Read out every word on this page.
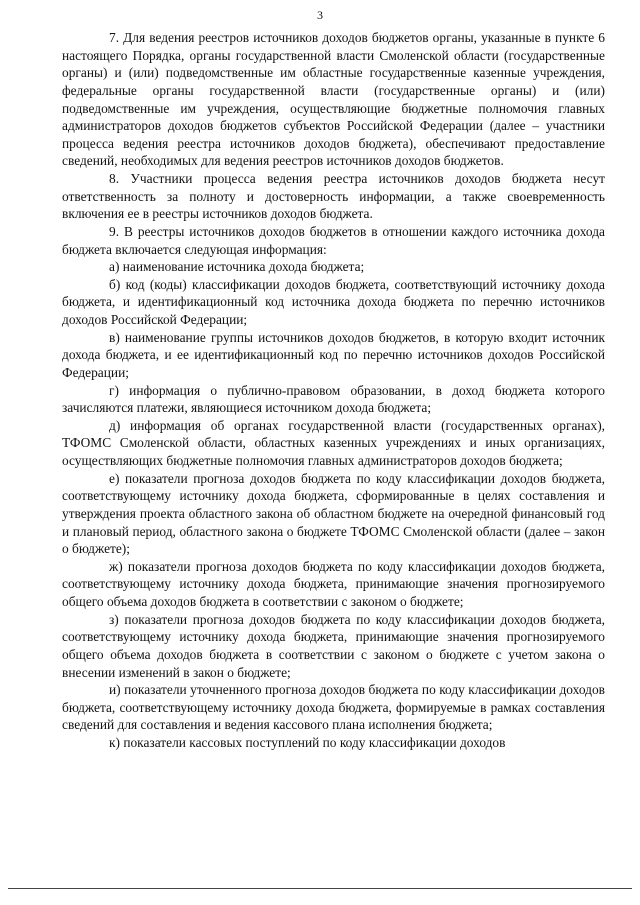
3

7. Для ведения реестров источников доходов бюджетов органы, указанные в пункте 6 настоящего Порядка, органы государственной власти Смоленской области (государственные органы) и (или) подведомственные им областные государственные казенные учреждения, федеральные органы государственной власти (государственные органы) и (или) подведомственные им учреждения, осуществляющие бюджетные полномочия главных администраторов доходов бюджетов субъектов Российской Федерации (далее – участники процесса ведения реестра источников доходов бюджета), обеспечивают предоставление сведений, необходимых для ведения реестров источников доходов бюджетов.

8. Участники процесса ведения реестра источников доходов бюджета несут ответственность за полноту и достоверность информации, а также своевременность включения ее в реестры источников доходов бюджета.

9. В реестры источников доходов бюджетов в отношении каждого источника дохода бюджета включается следующая информация:

а) наименование источника дохода бюджета;

б) код (коды) классификации доходов бюджета, соответствующий источнику дохода бюджета, и идентификационный код источника дохода бюджета по перечню источников доходов Российской Федерации;

в) наименование группы источников доходов бюджетов, в которую входит источник дохода бюджета, и ее идентификационный код по перечню источников доходов Российской Федерации;

г) информация о публично-правовом образовании, в доход бюджета которого зачисляются платежи, являющиеся источником дохода бюджета;

д) информация об органах государственной власти (государственных органах), ТФОМС Смоленской области, областных казенных учреждениях и иных организациях, осуществляющих бюджетные полномочия главных администраторов доходов бюджета;

е) показатели прогноза доходов бюджета по коду классификации доходов бюджета, соответствующему источнику дохода бюджета, сформированные в целях составления и утверждения проекта областного закона об областном бюджете на очередной финансовый год и плановый период, областного закона о бюджете ТФОМС Смоленской области (далее – закон о бюджете);

ж) показатели прогноза доходов бюджета по коду классификации доходов бюджета, соответствующему источнику дохода бюджета, принимающие значения прогнозируемого общего объема доходов бюджета в соответствии с законом о бюджете;

з) показатели прогноза доходов бюджета по коду классификации доходов бюджета, соответствующему источнику дохода бюджета, принимающие значения прогнозируемого общего объема доходов бюджета в соответствии с законом о бюджете с учетом закона о внесении изменений в закон о бюджете;

и) показатели уточненного прогноза доходов бюджета по коду классификации доходов бюджета, соответствующему источнику дохода бюджета, формируемые в рамках составления сведений для составления и ведения кассового плана исполнения бюджета;

к) показатели кассовых поступлений по коду классификации доходов
